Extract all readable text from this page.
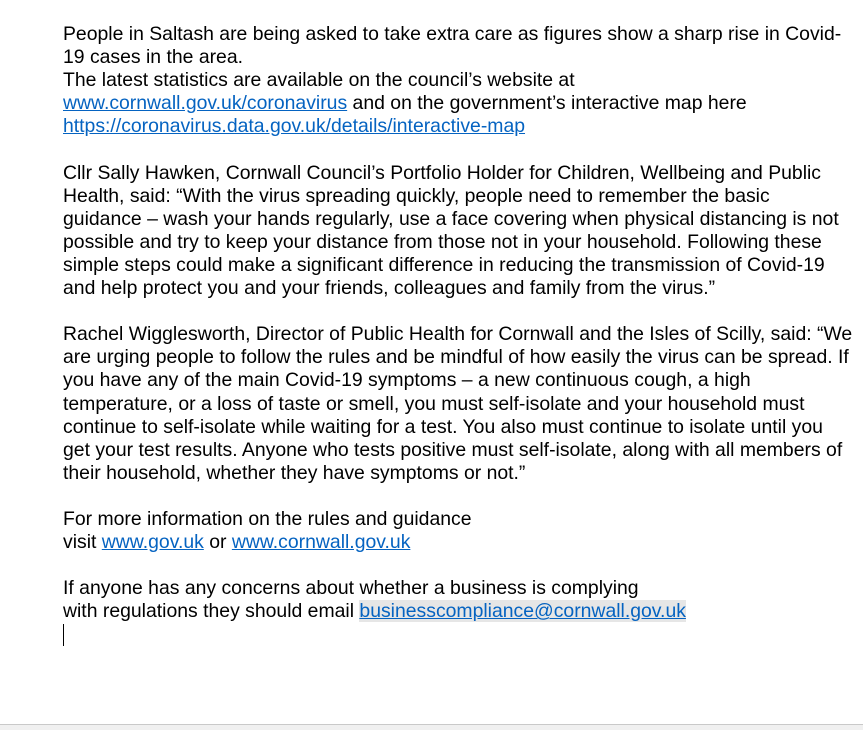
People in Saltash are being asked to take extra care as figures show a sharp rise in Covid-19 cases in the area.
The latest statistics are available on the council’s website at www.cornwall.gov.uk/coronavirus and on the government’s interactive map here https://coronavirus.data.gov.uk/details/interactive-map

Cllr Sally Hawken, Cornwall Council’s Portfolio Holder for Children, Wellbeing and Public Health, said: “With the virus spreading quickly, people need to remember the basic guidance – wash your hands regularly, use a face covering when physical distancing is not possible and try to keep your distance from those not in your household. Following these simple steps could make a significant difference in reducing the transmission of Covid-19 and help protect you and your friends, colleagues and family from the virus.”

Rachel Wigglesworth, Director of Public Health for Cornwall and the Isles of Scilly, said: “We are urging people to follow the rules and be mindful of how easily the virus can be spread. If you have any of the main Covid-19 symptoms – a new continuous cough, a high temperature, or a loss of taste or smell, you must self-isolate and your household must continue to self-isolate while waiting for a test. You also must continue to isolate until you get your test results. Anyone who tests positive must self-isolate, along with all members of their household, whether they have symptoms or not.”

For more information on the rules and guidance
visit www.gov.uk or www.cornwall.gov.uk

If anyone has any concerns about whether a business is complying
with regulations they should email businesscompliance@cornwall.gov.uk
